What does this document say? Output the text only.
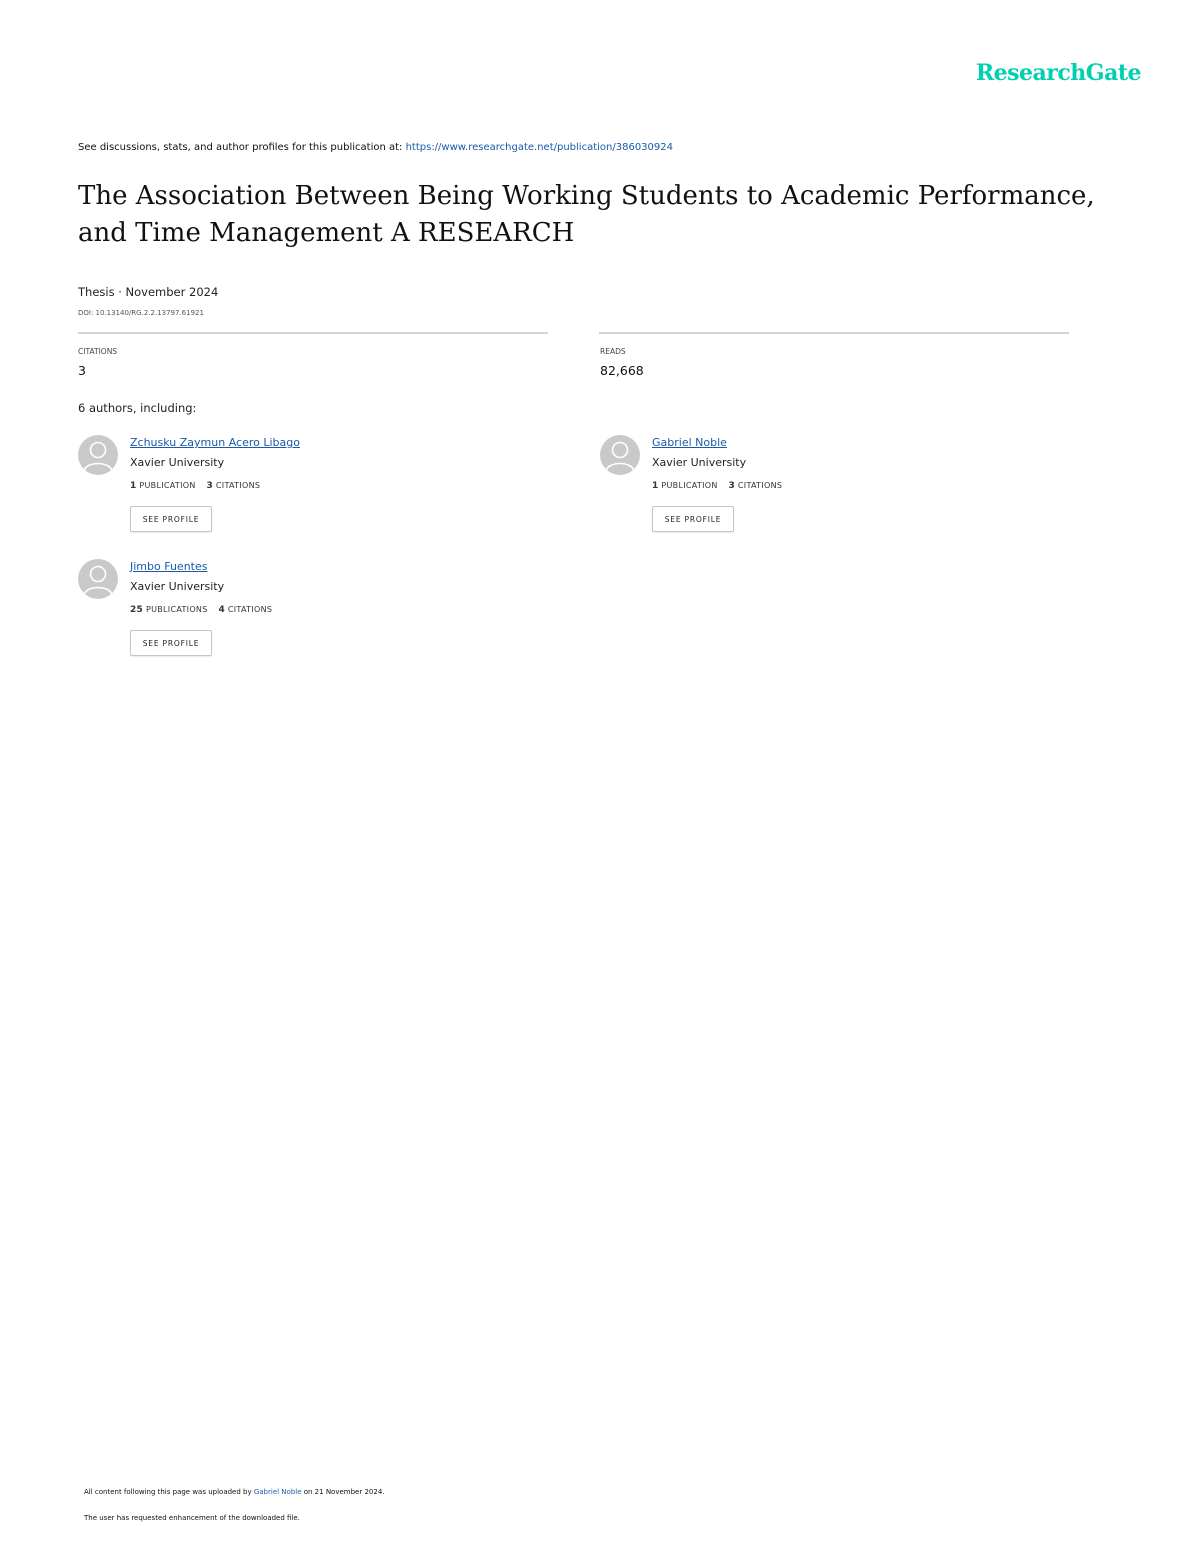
ResearchGate
See discussions, stats, and author profiles for this publication at: https://www.researchgate.net/publication/386030924
The Association Between Being Working Students to Academic Performance, and Time Management A RESEARCH
Thesis · November 2024
DOI: 10.13140/RG.2.2.13797.61921
CITATIONS
3
READS
82,668
6 authors, including:
Zchusku Zaymun Acero Libago
Xavier University
1 PUBLICATION 3 CITATIONS
SEE PROFILE
Gabriel Noble
Xavier University
1 PUBLICATION 3 CITATIONS
SEE PROFILE
Jimbo Fuentes
Xavier University
25 PUBLICATIONS 4 CITATIONS
SEE PROFILE
All content following this page was uploaded by Gabriel Noble on 21 November 2024.
The user has requested enhancement of the downloaded file.
